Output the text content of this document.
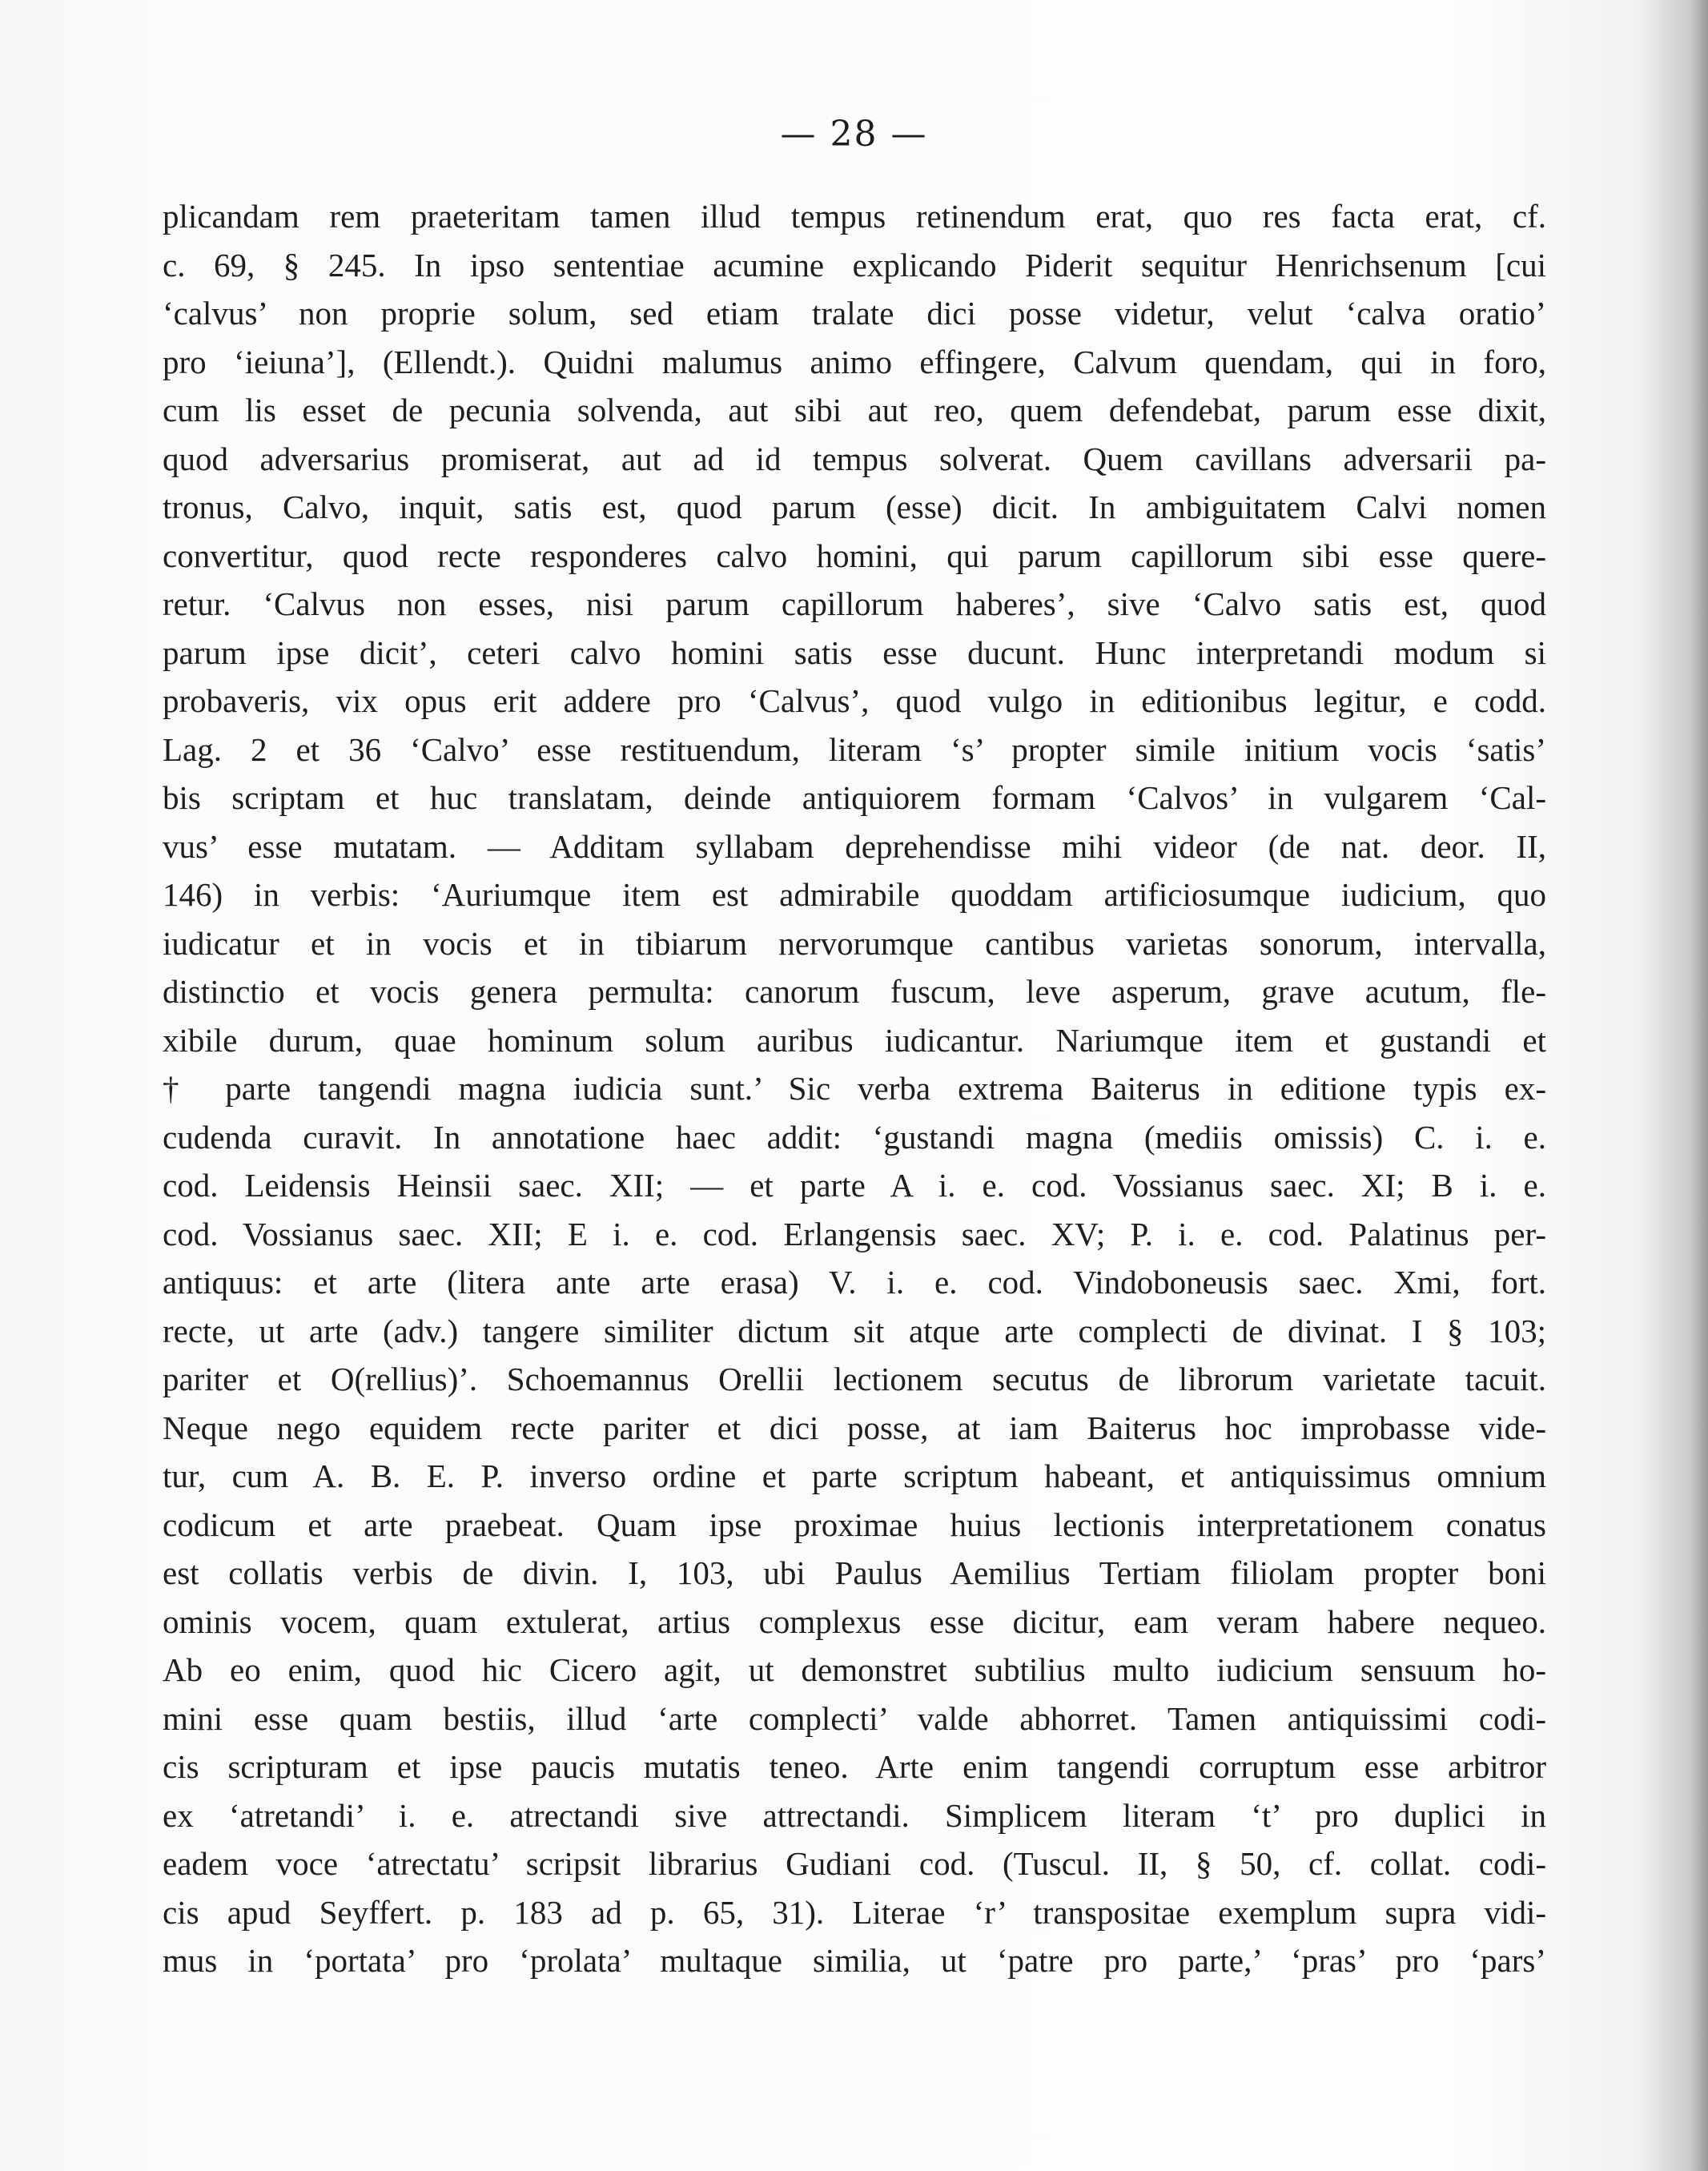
— 28 —
plicandam rem praeteritam tamen illud tempus retinendum erat, quo res facta erat, cf.
c. 69, § 245. In ipso sententiae acumine explicando Piderit sequitur Henrichsenum [cui
‘calvus’ non proprie solum, sed etiam tralate dici posse videtur, velut ‘calva oratio’
pro ‘ieiuna’], (Ellendt.). Quidni malumus animo effingere, Calvum quendam, qui in foro,
cum lis esset de pecunia solvenda, aut sibi aut reo, quem defendebat, parum esse dixit,
quod adversarius promiserat, aut ad id tempus solverat. Quem cavillans adversarii pa-
tronus, Calvo, inquit, satis est, quod parum (esse) dicit. In ambiguitatem Calvi nomen
convertitur, quod recte responderes calvo homini, qui parum capillorum sibi esse quere-
retur. ‘Calvus non esses, nisi parum capillorum haberes’, sive ‘Calvo satis est, quod
parum ipse dicit’, ceteri calvo homini satis esse ducunt. Hunc interpretandi modum si
probaveris, vix opus erit addere pro ‘Calvus’, quod vulgo in editionibus legitur, e codd.
Lag. 2 et 36 ‘Calvo’ esse restituendum, literam ‘s’ propter simile initium vocis ‘satis’
bis scriptam et huc translatam, deinde antiquiorem formam ‘Calvos’ in vulgarem ‘Cal-
vus’ esse mutatam. — Additam syllabam deprehendisse mihi videor (de nat. deor. II,
146) in verbis: ‘Auriumque item est admirabile quoddam artificiosumque iudicium, quo
iudicatur et in vocis et in tibiarum nervorumque cantibus varietas sonorum, intervalla,
distinctio et vocis genera permulta: canorum fuscum, leve asperum, grave acutum, fle-
xibile durum, quae hominum solum auribus iudicantur. Nariumque item et gustandi et
† parte tangendi magna iudicia sunt.’ Sic verba extrema Baiterus in editione typis ex-
cudenda curavit. In annotatione haec addit: ‘gustandi magna (mediis omissis) C. i. e.
cod. Leidensis Heinsii saec. XII; — et parte A i. e. cod. Vossianus saec. XI; B i. e.
cod. Vossianus saec. XII; E i. e. cod. Erlangensis saec. XV; P. i. e. cod. Palatinus per-
antiquus: et arte (litera ante arte erasa) V. i. e. cod. Vindoboneusis saec. Xmi, fort.
recte, ut arte (adv.) tangere similiter dictum sit atque arte complecti de divinat. I § 103;
pariter et O(rellius)’. Schoemannus Orellii lectionem secutus de librorum varietate tacuit.
Neque nego equidem recte pariter et dici posse, at iam Baiterus hoc improbasse vide-
tur, cum A. B. E. P. inverso ordine et parte scriptum habeant, et antiquissimus omnium
codicum et arte praebeat. Quam ipse proximae huius lectionis interpretationem conatus
est collatis verbis de divin. I, 103, ubi Paulus Aemilius Tertiam filiolam propter boni
ominis vocem, quam extulerat, artius complexus esse dicitur, eam veram habere nequeo.
Ab eo enim, quod hic Cicero agit, ut demonstret subtilius multo iudicium sensuum ho-
mini esse quam bestiis, illud ‘arte complecti’ valde abhorret. Tamen antiquissimi codi-
cis scripturam et ipse paucis mutatis teneo. Arte enim tangendi corruptum esse arbitror
ex ‘atretandi’ i. e. atrectandi sive attrectandi. Simplicem literam ‘t’ pro duplici in
eadem voce ‘atrectatu’ scripsit librarius Gudiani cod. (Tuscul. II, § 50, cf. collat. codi-
cis apud Seyffert. p. 183 ad p. 65, 31). Literae ‘r’ transpositae exemplum supra vidi-
mus in ‘portata’ pro ‘prolata’ multaque similia, ut ‘patre pro parte,’ ‘pras’ pro ‘pars’
